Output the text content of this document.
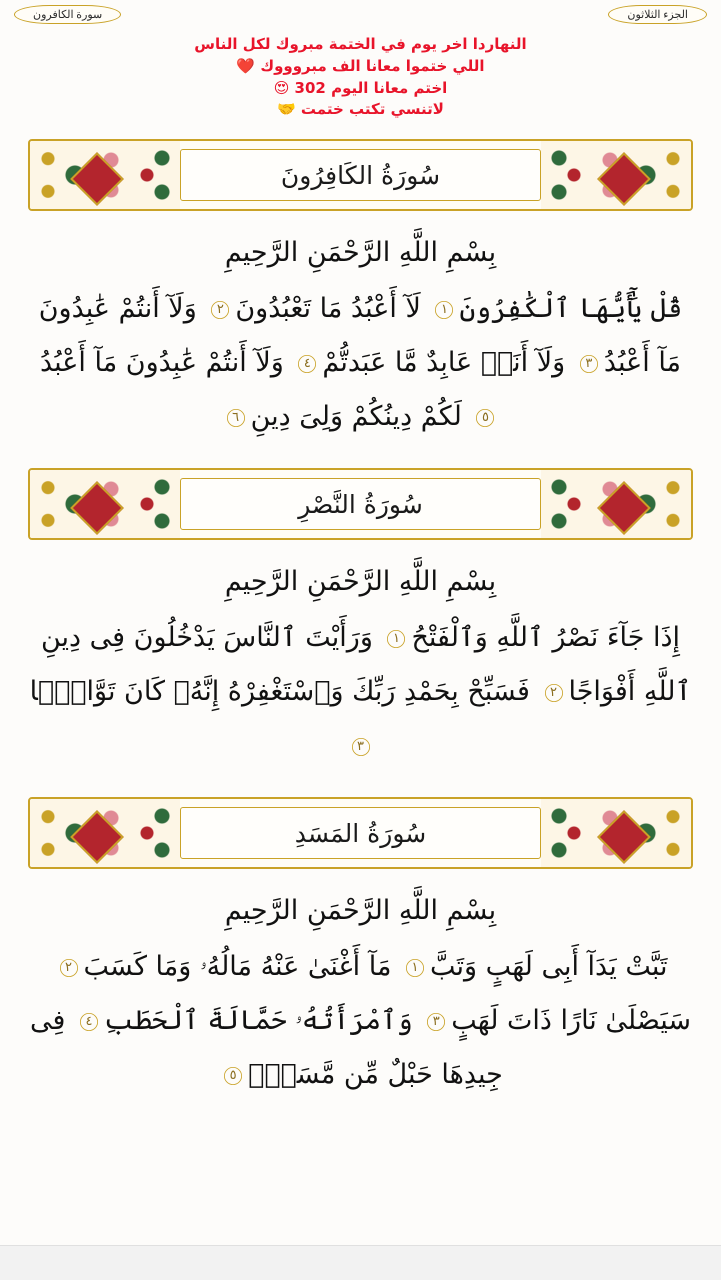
الجزء الثلاثون
سورة الكافرون
النهاردا اخر يوم في الختمة مبروك لكل الناس
اللي ختموا معانا الف مبروووك ❤️
اختم معانا اليوم 302 😍
لاتنسي تكتب ختمت 🤝
سُورَةُ الكَافِرُونَ
بِسْمِ اللَّهِ الرَّحْمَنِ الرَّحِيمِ
قُلْ يَٰٓأَيُّهَا ٱلْكَٰفِرُونَ١ لَآ أَعْبُدُ مَا تَعْبُدُونَ٢ وَلَآ أَنتُمْ عَٰبِدُونَ مَآ أَعْبُدُ٣ وَلَآ أَنَا۠ عَابِدٌ مَّا عَبَدتُّمْ٤ وَلَآ أَنتُمْ عَٰبِدُونَ مَآ أَعْبُدُ٥ لَكُمْ دِينُكُمْ وَلِىَ دِينِ٦
سُورَةُ النَّصْرِ
بِسْمِ اللَّهِ الرَّحْمَنِ الرَّحِيمِ
إِذَا جَآءَ نَصْرُ ٱللَّهِ وَٱلْفَتْحُ١ وَرَأَيْتَ ٱلنَّاسَ يَدْخُلُونَ فِى دِينِ ٱللَّهِ أَفْوَاجًا٢ فَسَبِّحْ بِحَمْدِ رَبِّكَ وَٱسْتَغْفِرْهُ إِنَّهُۥ كَانَ تَوَّابًۢا٣
سُورَةُ المَسَدِ
بِسْمِ اللَّهِ الرَّحْمَنِ الرَّحِيمِ
تَبَّتْ يَدَآ أَبِى لَهَبٍ وَتَبَّ١ مَآ أَغْنَىٰ عَنْهُ مَالُهُۥ وَمَا كَسَبَ٢ سَيَصْلَىٰ نَارًا ذَاتَ لَهَبٍ٣ وَٱمْرَأَتُهُۥ حَمَّالَةَ ٱلْحَطَبِ٤ فِى جِيدِهَا حَبْلٌ مِّن مَّسَدٍۭ٥
